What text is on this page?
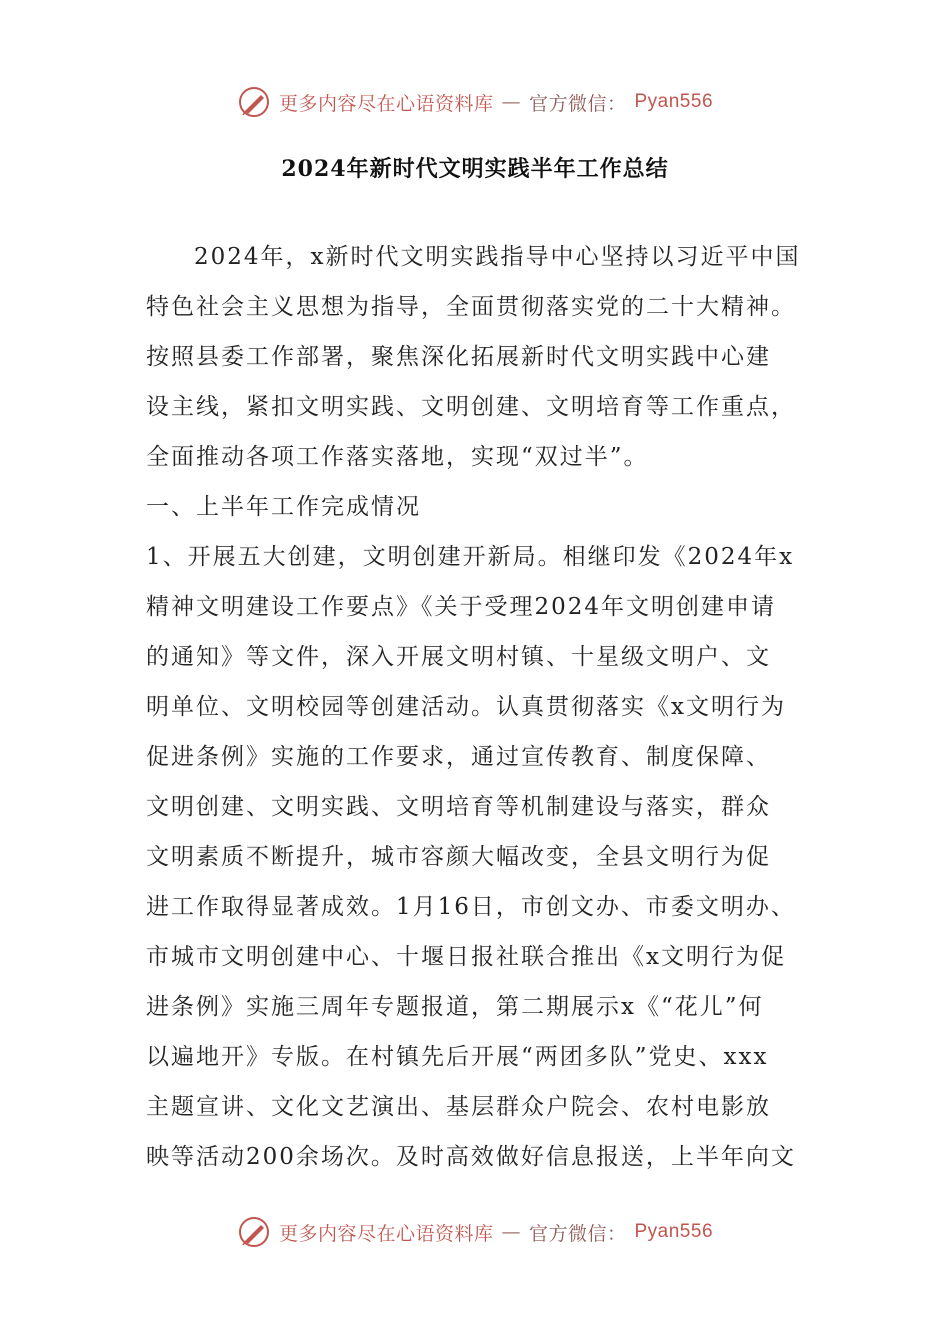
更多内容尽在心语资料库 — 官方微信： Pyan556
2024年新时代文明实践半年工作总结
2024年，x新时代文明实践指导中心坚持以习近平中国
特色社会主义思想为指导，全面贯彻落实党的二十大精神。
按照县委工作部署，聚焦深化拓展新时代文明实践中心建
设主线，紧扣文明实践、文明创建、文明培育等工作重点，
全面推动各项工作落实落地，实现“双过半”。
一、上半年工作完成情况
1、开展五大创建，文明创建开新局。相继印发《2024年x
精神文明建设工作要点》《关于受理2024年文明创建申请
的通知》等文件，深入开展文明村镇、十星级文明户、文
明单位、文明校园等创建活动。认真贯彻落实《x文明行为
促进条例》实施的工作要求，通过宣传教育、制度保障、
文明创建、文明实践、文明培育等机制建设与落实，群众
文明素质不断提升，城市容颜大幅改变，全县文明行为促
进工作取得显著成效。1月16日，市创文办、市委文明办、
市城市文明创建中心、十堰日报社联合推出《x文明行为促
进条例》实施三周年专题报道，第二期展示x《“花儿”何
以遍地开》专版。在村镇先后开展“两团多队”党史、xxx
主题宣讲、文化文艺演出、基层群众户院会、农村电影放
映等活动200余场次。及时高效做好信息报送，上半年向文
更多内容尽在心语资料库 — 官方微信： Pyan556
